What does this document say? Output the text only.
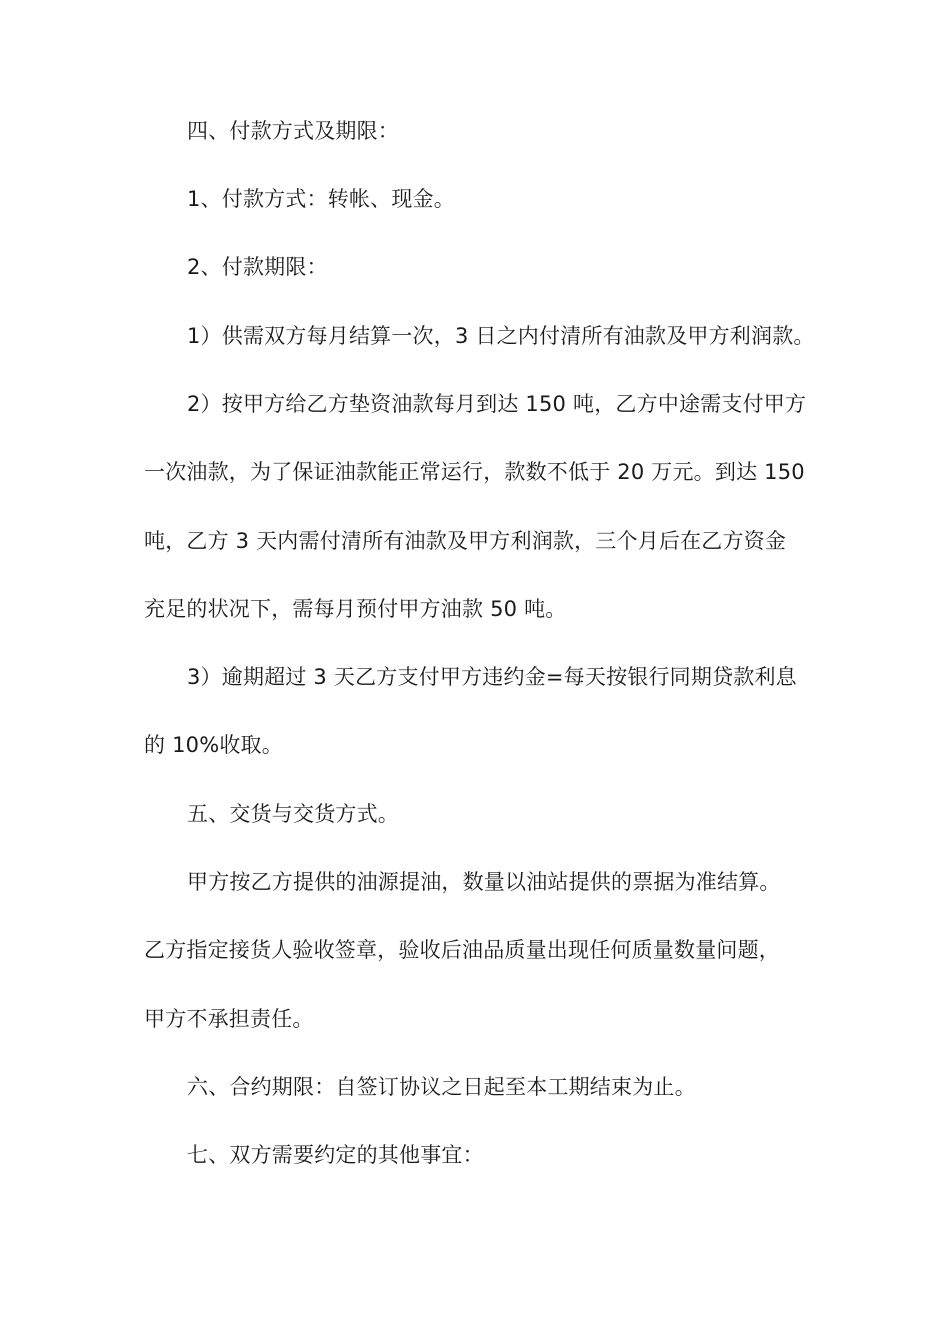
四、付款方式及期限：
1、付款方式：转帐、现金。
2、付款期限：
1）供需双方每月结算一次，3 日之内付清所有油款及甲方利润款。
2）按甲方给乙方垫资油款每月到达 150 吨，乙方中途需支付甲方
一次油款，为了保证油款能正常运行，款数不低于 20 万元。到达 150
吨，乙方 3 天内需付清所有油款及甲方利润款，三个月后在乙方资金
充足的状况下，需每月预付甲方油款 50 吨。
3）逾期超过 3 天乙方支付甲方违约金=每天按银行同期贷款利息
的 10%收取。
五、交货与交货方式。
甲方按乙方提供的油源提油，数量以油站提供的票据为准结算。
乙方指定接货人验收签章，验收后油品质量出现任何质量数量问题，
甲方不承担责任。
六、合约期限：自签订协议之日起至本工期结束为止。
七、双方需要约定的其他事宜：
